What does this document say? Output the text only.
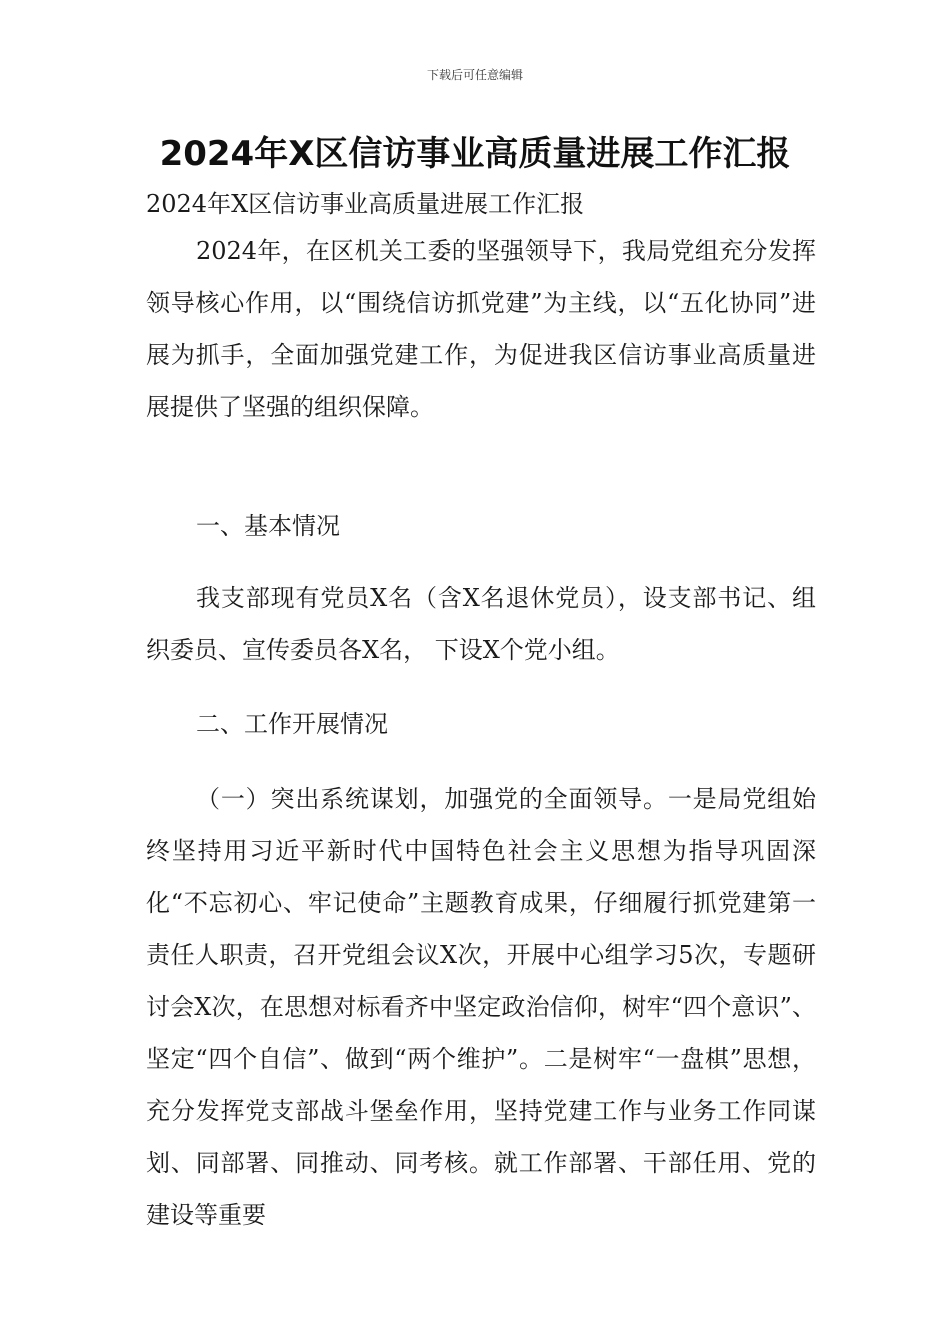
下载后可任意编辑
2024年X区信访事业高质量进展工作汇报
2024年X区信访事业高质量进展工作汇报

2024年，在区机关工委的坚强领导下，我局党组充分发挥领导核心作用，以“围绕信访抓党建”为主线，以“五化协同”进展为抓手，全面加强党建工作，为促进我区信访事业高质量进展提供了坚强的组织保障。

一、基本情况

我支部现有党员X名（含X名退休党员），设支部书记、组织委员、宣传委员各X名， 下设X个党小组。

二、工作开展情况

（一）突出系统谋划，加强党的全面领导。一是局党组始终坚持用习近平新时代中国特色社会主义思想为指导巩固深化“不忘初心、牢记使命”主题教育成果，仔细履行抓党建第一责任人职责，召开党组会议X次，开展中心组学习5次，专题研讨会X次，在思想对标看齐中坚定政治信仰，树牢“四个意识”、坚定“四个自信”、做到“两个维护”。二是树牢“一盘棋”思想，充分发挥党支部战斗堡垒作用，坚持党建工作与业务工作同谋划、同部署、同推动、同考核。就工作部署、干部任用、党的建设等重要
